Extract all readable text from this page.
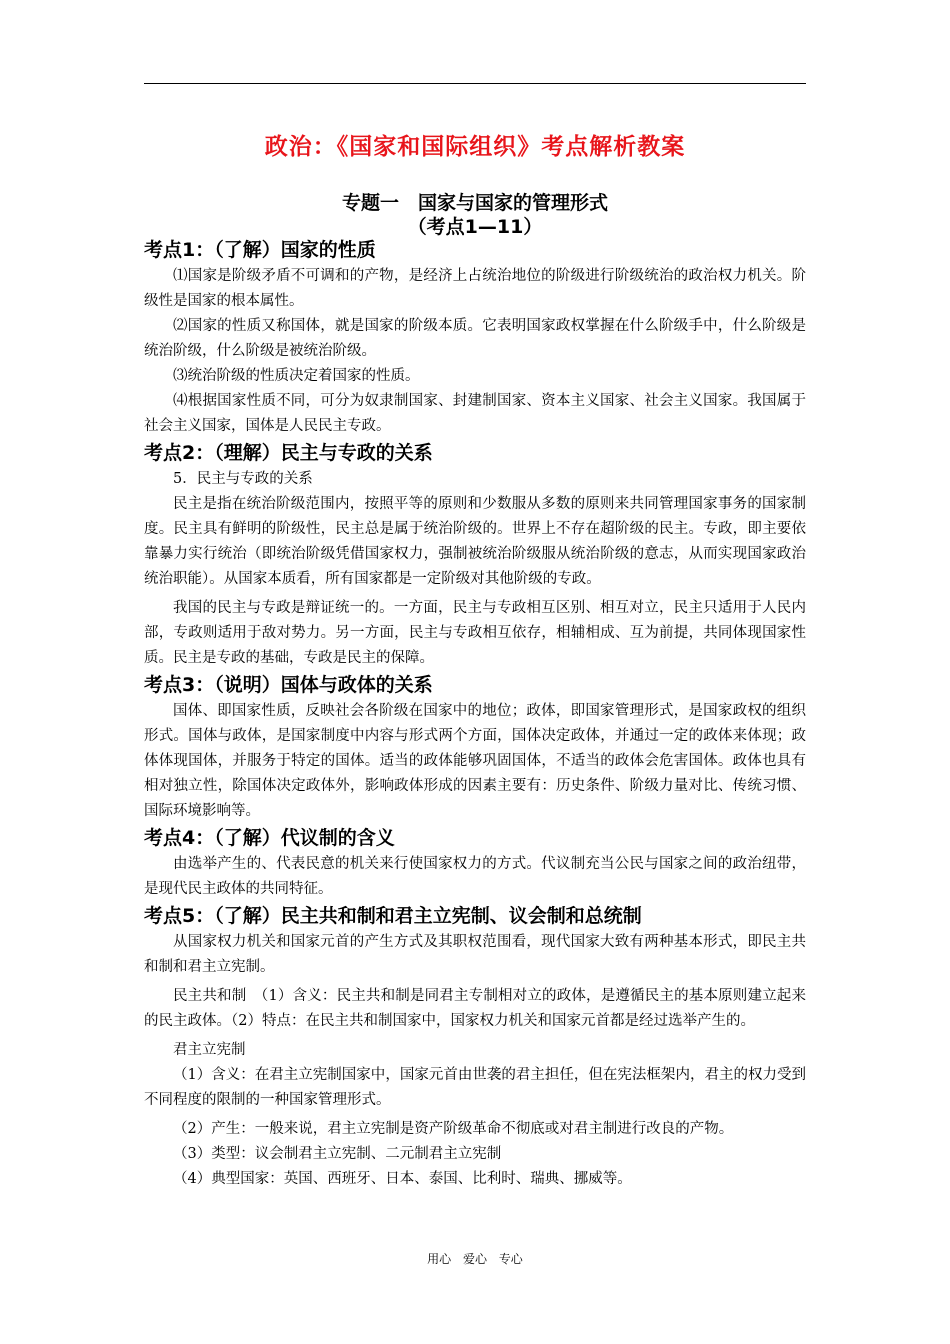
政治：《国家和国际组织》考点解析教案
专题一　国家与国家的管理形式
（考点1—11）
考点1：（了解）国家的性质

⑴国家是阶级矛盾不可调和的产物，是经济上占统治地位的阶级进行阶级统治的政治权力机关。阶级性是国家的根本属性。

⑵国家的性质又称国体，就是国家的阶级本质。它表明国家政权掌握在什么阶级手中，什么阶级是统治阶级，什么阶级是被统治阶级。

⑶统治阶级的性质决定着国家的性质。

⑷根据国家性质不同，可分为奴隶制国家、封建制国家、资本主义国家、社会主义国家。我国属于社会主义国家，国体是人民民主专政。

考点2：（理解）民主与专政的关系

5．民主与专政的关系

民主是指在统治阶级范围内，按照平等的原则和少数服从多数的原则来共同管理国家事务的国家制度。民主具有鲜明的阶级性，民主总是属于统治阶级的。世界上不存在超阶级的民主。专政，即主要依靠暴力实行统治（即统治阶级凭借国家权力，强制被统治阶级服从统治阶级的意志，从而实现国家政治统治职能）。从国家本质看，所有国家都是一定阶级对其他阶级的专政。

我国的民主与专政是辩证统一的。一方面，民主与专政相互区别、相互对立，民主只适用于人民内部，专政则适用于敌对势力。另一方面，民主与专政相互依存，相辅相成、互为前提，共同体现国家性质。民主是专政的基础，专政是民主的保障。

考点3：（说明）国体与政体的关系

国体、即国家性质，反映社会各阶级在国家中的地位；政体，即国家管理形式，是国家政权的组织形式。国体与政体，是国家制度中内容与形式两个方面，国体决定政体，并通过一定的政体来体现；政体体现国体，并服务于特定的国体。适当的政体能够巩固国体，不适当的政体会危害国体。政体也具有相对独立性，除国体决定政体外，影响政体形成的因素主要有：历史条件、阶级力量对比、传统习惯、国际环境影响等。

考点4：（了解）代议制的含义

由选举产生的、代表民意的机关来行使国家权力的方式。代议制充当公民与国家之间的政治纽带，是现代民主政体的共同特征。

考点5：（了解）民主共和制和君主立宪制、议会制和总统制

从国家权力机关和国家元首的产生方式及其职权范围看，现代国家大致有两种基本形式，即民主共和制和君主立宪制。

民主共和制　（1）含义：民主共和制是同君主专制相对立的政体，是遵循民主的基本原则建立起来的民主政体。（2）特点：在民主共和制国家中，国家权力机关和国家元首都是经过选举产生的。

君主立宪制

（1）含义：在君主立宪制国家中，国家元首由世袭的君主担任，但在宪法框架内，君主的权力受到不同程度的限制的一种国家管理形式。

（2）产生：一般来说，君主立宪制是资产阶级革命不彻底或对君主制进行改良的产物。

（3）类型：议会制君主立宪制、二元制君主立宪制

（4）典型国家：英国、西班牙、日本、泰国、比利时、瑞典、挪威等。

用心 爱心 专心
